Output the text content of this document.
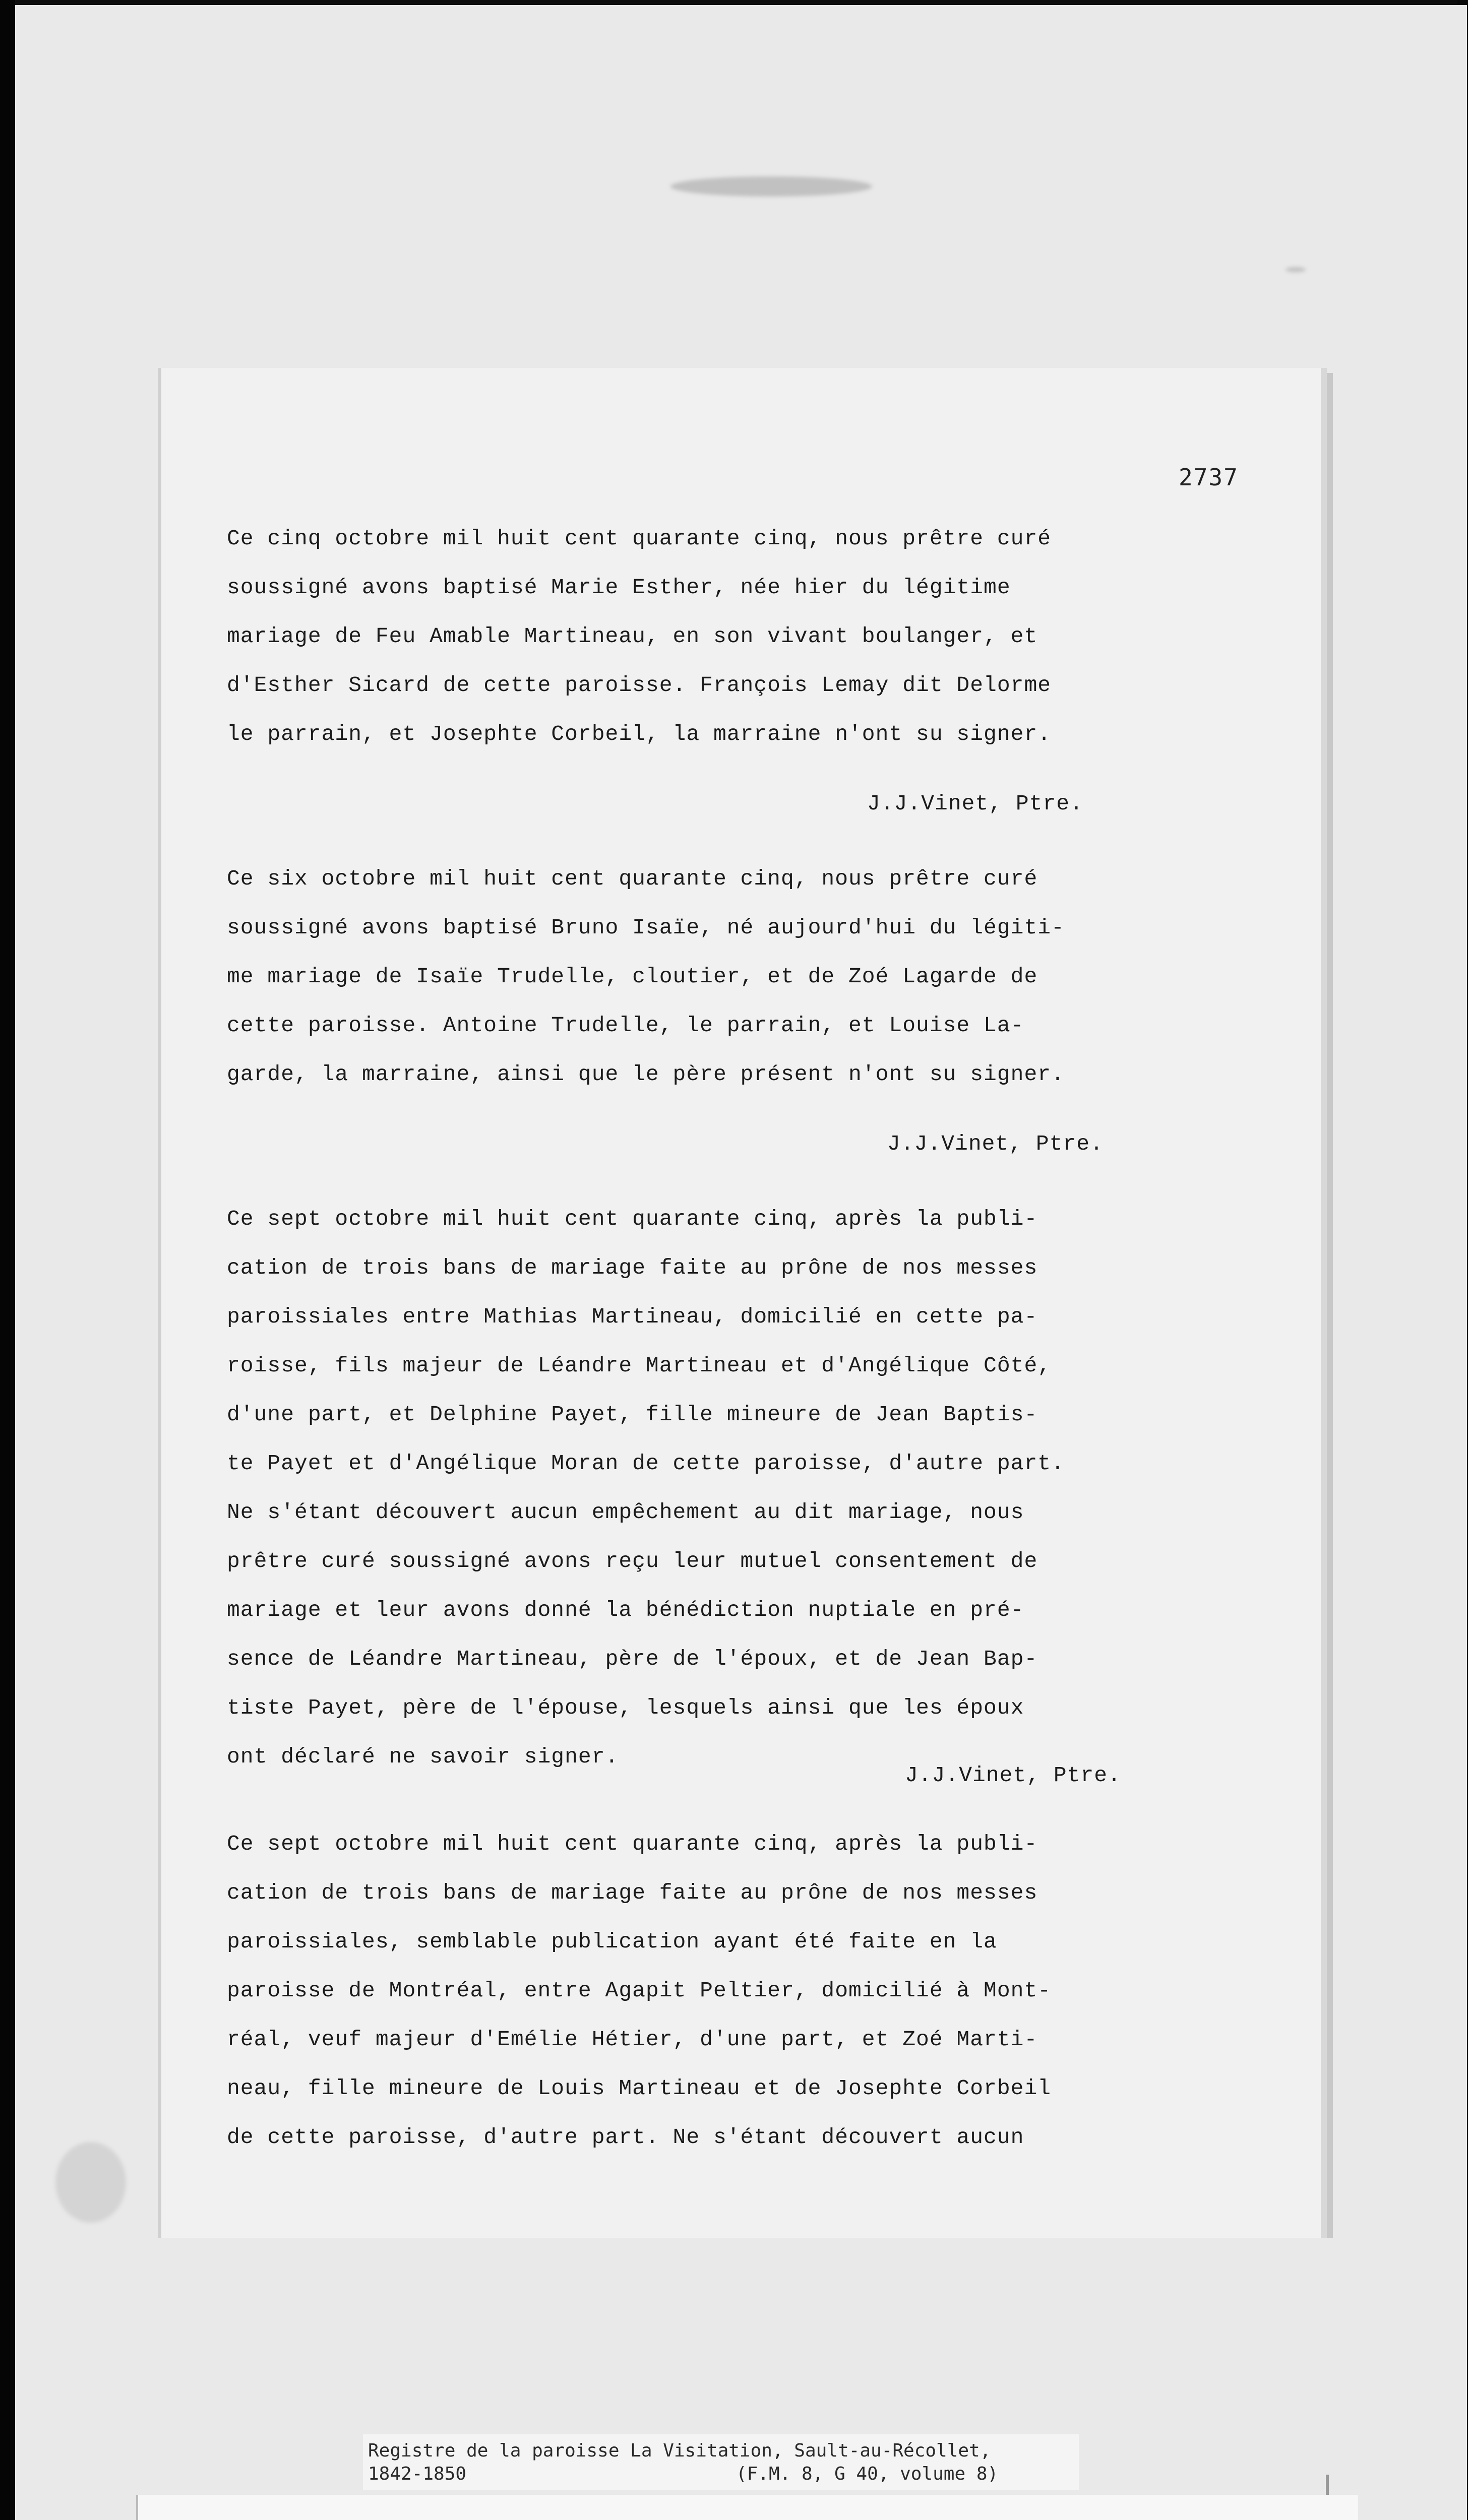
2737

Ce cinq octobre mil huit cent quarante cinq, nous prêtre curé

soussigné avons baptisé Marie Esther, née hier du légitime

mariage de Feu Amable Martineau, en son vivant boulanger, et

d'Esther Sicard de cette paroisse. François Lemay dit Delorme

le parrain, et Josephte Corbeil, la marraine n'ont su signer.

J.J.Vinet, Ptre.

Ce six octobre mil huit cent quarante cinq, nous prêtre curé

soussigné avons baptisé Bruno Isaïe, né aujourd'hui du légiti-

me mariage de Isaïe Trudelle, cloutier, et de Zoé Lagarde de

cette paroisse. Antoine Trudelle, le parrain, et Louise La-

garde, la marraine, ainsi que le père présent n'ont su signer.

J.J.Vinet, Ptre.

Ce sept octobre mil huit cent quarante cinq, après la publi-

cation de trois bans de mariage faite au prône de nos messes

paroissiales entre Mathias Martineau, domicilié en cette pa-

roisse, fils majeur de Léandre Martineau et d'Angélique Côté,

d'une part, et Delphine Payet, fille mineure de Jean Baptis-

te Payet et d'Angélique Moran de cette paroisse, d'autre part.

Ne s'étant découvert aucun empêchement au dit mariage, nous

prêtre curé soussigné avons reçu leur mutuel consentement de

mariage et leur avons donné la bénédiction nuptiale en pré-

sence de Léandre Martineau, père de l'époux, et de Jean Bap-

tiste Payet, père de l'épouse, lesquels ainsi que les époux

ont déclaré ne savoir signer.

J.J.Vinet, Ptre.

Ce sept octobre mil huit cent quarante cinq, après la publi-

cation de trois bans de mariage faite au prône de nos messes

paroissiales, semblable publication ayant été faite en la

paroisse de Montréal, entre Agapit Peltier, domicilié à Mont-

réal, veuf majeur d'Emélie Hétier, d'une part, et Zoé Marti-

neau, fille mineure de Louis Martineau et de Josephte Corbeil

de cette paroisse, d'autre part. Ne s'étant découvert aucun

Registre de la paroisse La Visitation, Sault-au-Récollet,
1842-1850	(F.M. 8, G 40, volume 8)
